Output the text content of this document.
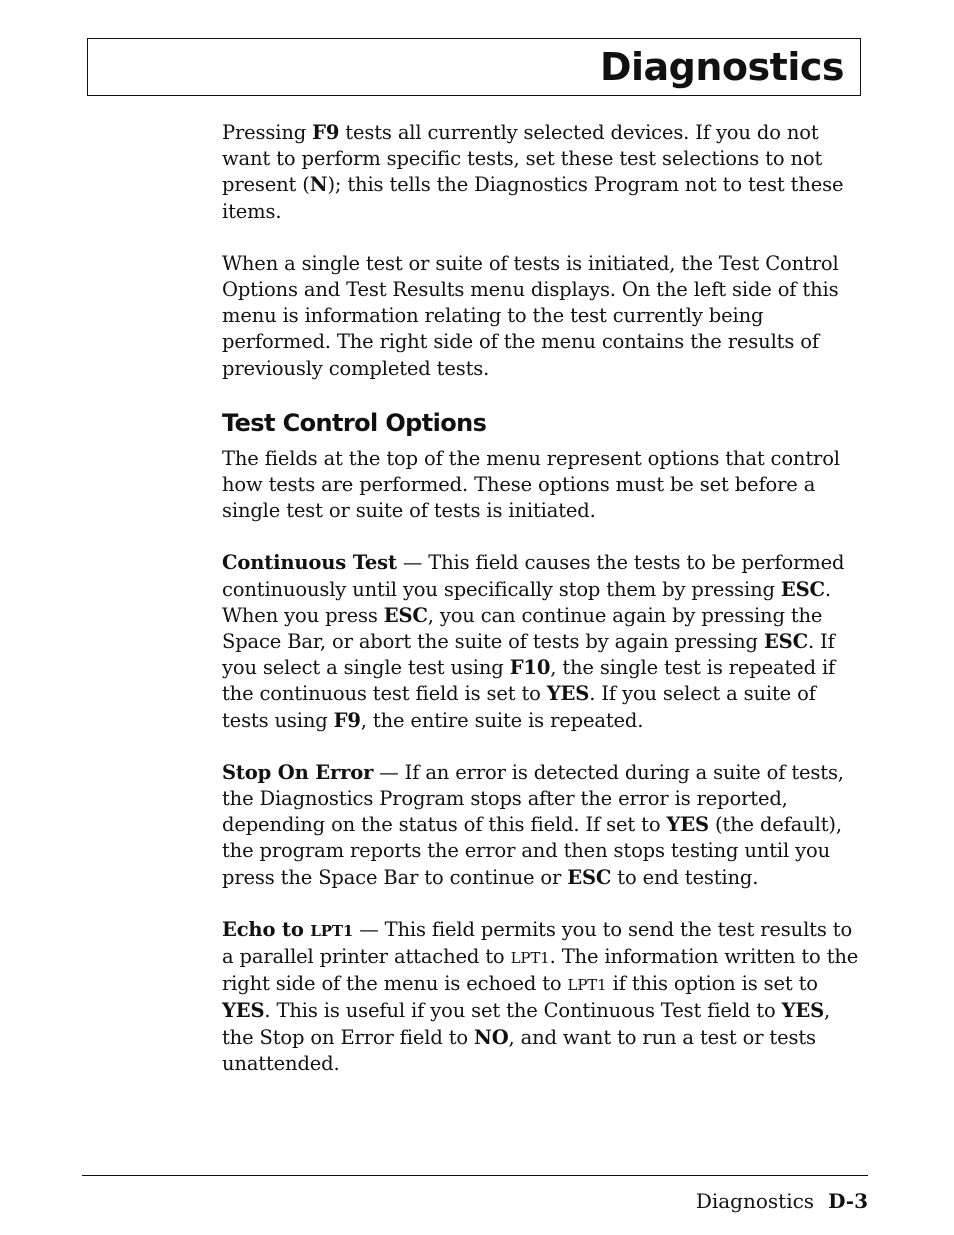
Diagnostics

Pressing F9 tests all currently selected devices. If you do not want to perform specific tests, set these test selections to not present (N); this tells the Diagnostics Program not to test these items.

When a single test or suite of tests is initiated, the Test Control Options and Test Results menu displays. On the left side of this menu is information relating to the test currently being performed. The right side of the menu contains the results of previously completed tests.

Test Control Options

The fields at the top of the menu represent options that control how tests are performed. These options must be set before a single test or suite of tests is initiated.

Continuous Test — This field causes the tests to be performed continuously until you specifically stop them by pressing ESC. When you press ESC, you can continue again by pressing the Space Bar, or abort the suite of tests by again pressing ESC. If you select a single test using F10, the single test is repeated if the continuous test field is set to YES. If you select a suite of tests using F9, the entire suite is repeated.

Stop On Error — If an error is detected during a suite of tests, the Diagnostics Program stops after the error is reported, depending on the status of this field. If set to YES (the default), the program reports the error and then stops testing until you press the Space Bar to continue or ESC to end testing.

Echo to LPT1 — This field permits you to send the test results to a parallel printer attached to LPT1. The information written to the right side of the menu is echoed to LPT1 if this option is set to YES. This is useful if you set the Continuous Test field to YES, the Stop on Error field to NO, and want to run a test or tests unattended.

Diagnostics D-3
